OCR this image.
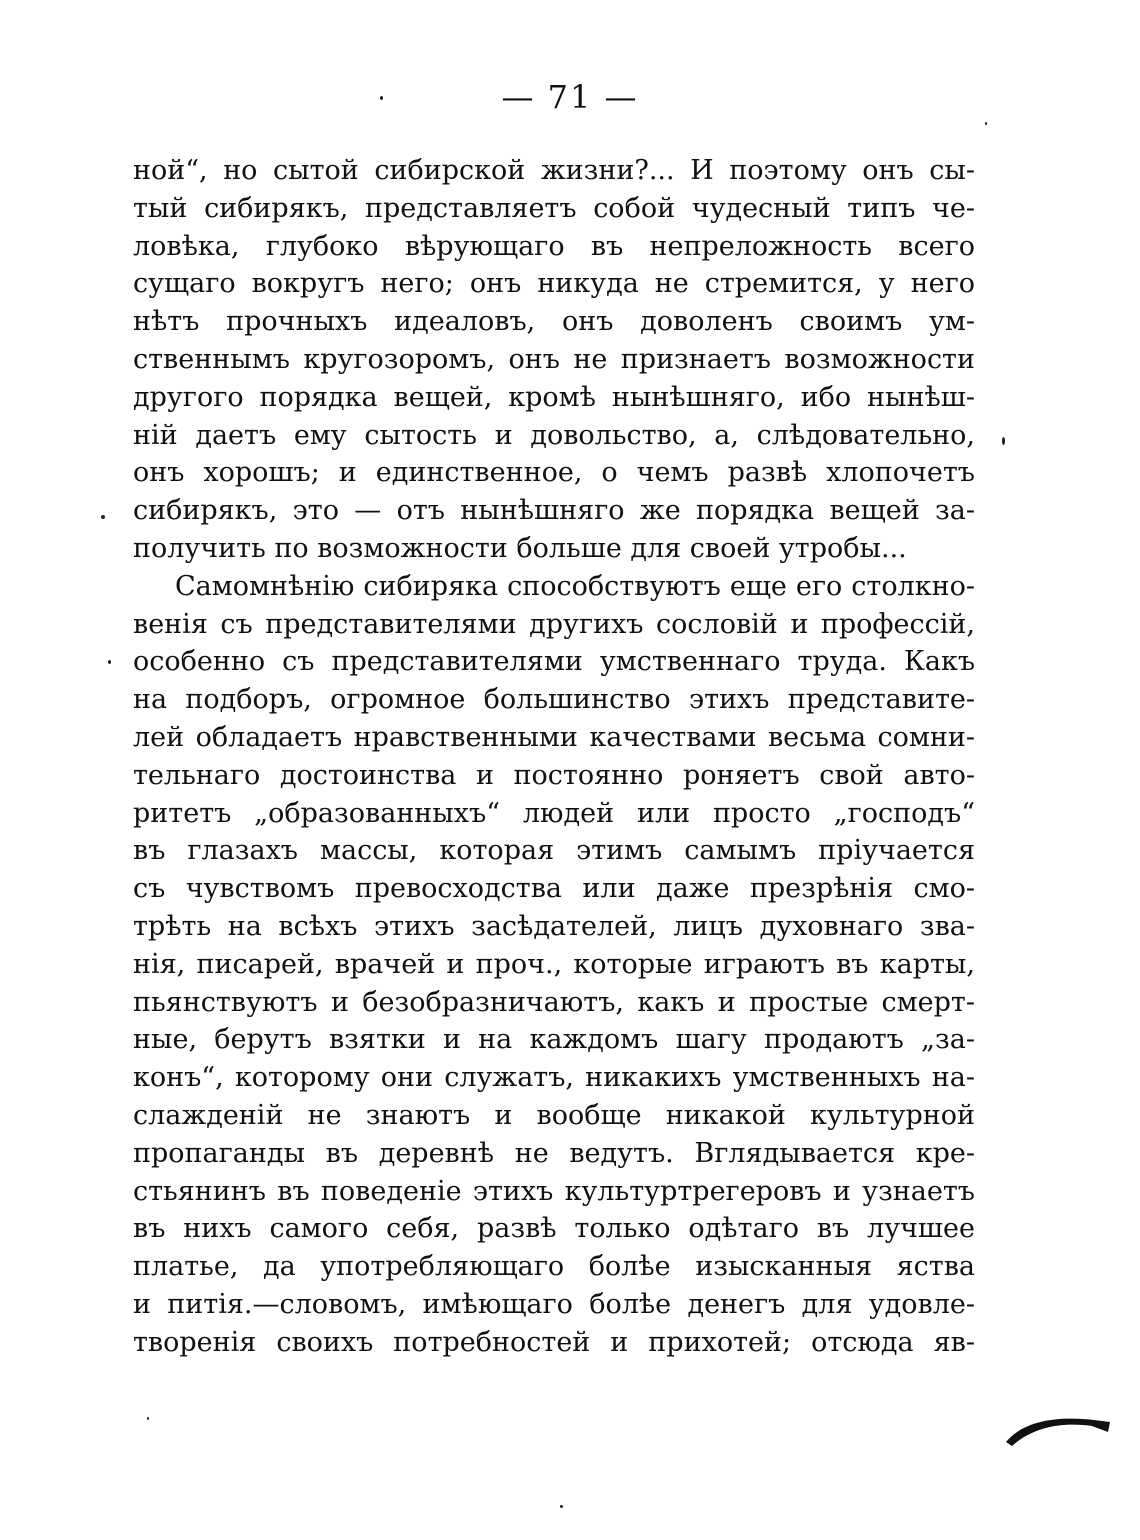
— 71 —
ной“, но сытой сибирской жизни?... И поэтому онъ сы-
тый сибирякъ, представляетъ собой чудесный типъ че-
ловѣка, глубоко вѣрующаго въ непреложность всего
сущаго вокругъ него; онъ никуда не стремится, у него
нѣтъ прочныхъ идеаловъ, онъ доволенъ своимъ ум-
ственнымъ кругозоромъ, онъ не признаетъ возможности
другого порядка вещей, кромѣ нынѣшняго, ибо нынѣш-
нiй даетъ ему сытость и довольство, а, слѣдовательно,
онъ хорошъ; и единственное, о чемъ развѣ хлопочетъ
сибирякъ, это — отъ нынѣшняго же порядка вещей за-
получить по возможности больше для своей утробы...
Самомнѣнiю сибиряка способствуютъ еще его столкно-
венiя съ представителями другихъ сословiй и профессiй,
особенно съ представителями умственнаго труда. Какъ
на подборъ, огромное большинство этихъ представите-
лей обладаетъ нравственными качествами весьма сомни-
тельнаго достоинства и постоянно роняетъ свой авто-
ритетъ „образованныхъ“ людей или просто „господъ“
въ глазахъ массы, которая этимъ самымъ прiучается
съ чувствомъ превосходства или даже презрѣнiя смо-
трѣть на всѣхъ этихъ засѣдателей, лицъ духовнаго зва-
нiя, писарей, врачей и проч., которые играютъ въ карты,
пьянствуютъ и безобразничаютъ, какъ и простые смерт-
ные, берутъ взятки и на каждомъ шагу продаютъ „за-
конъ“, которому они служатъ, никакихъ умственныхъ на-
слажденiй не знаютъ и вообще никакой культурной
пропаганды въ деревнѣ не ведутъ. Вглядывается кре-
стьянинъ въ поведенiе этихъ культуртрегеровъ и узнаетъ
въ нихъ самого себя, развѣ только одѣтаго въ лучшее
платье, да употребляющаго болѣе изысканныя яства
и питiя.—словомъ, имѣющаго болѣе денегъ для удовле-
творенiя своихъ потребностей и прихотей; отсюда яв-
